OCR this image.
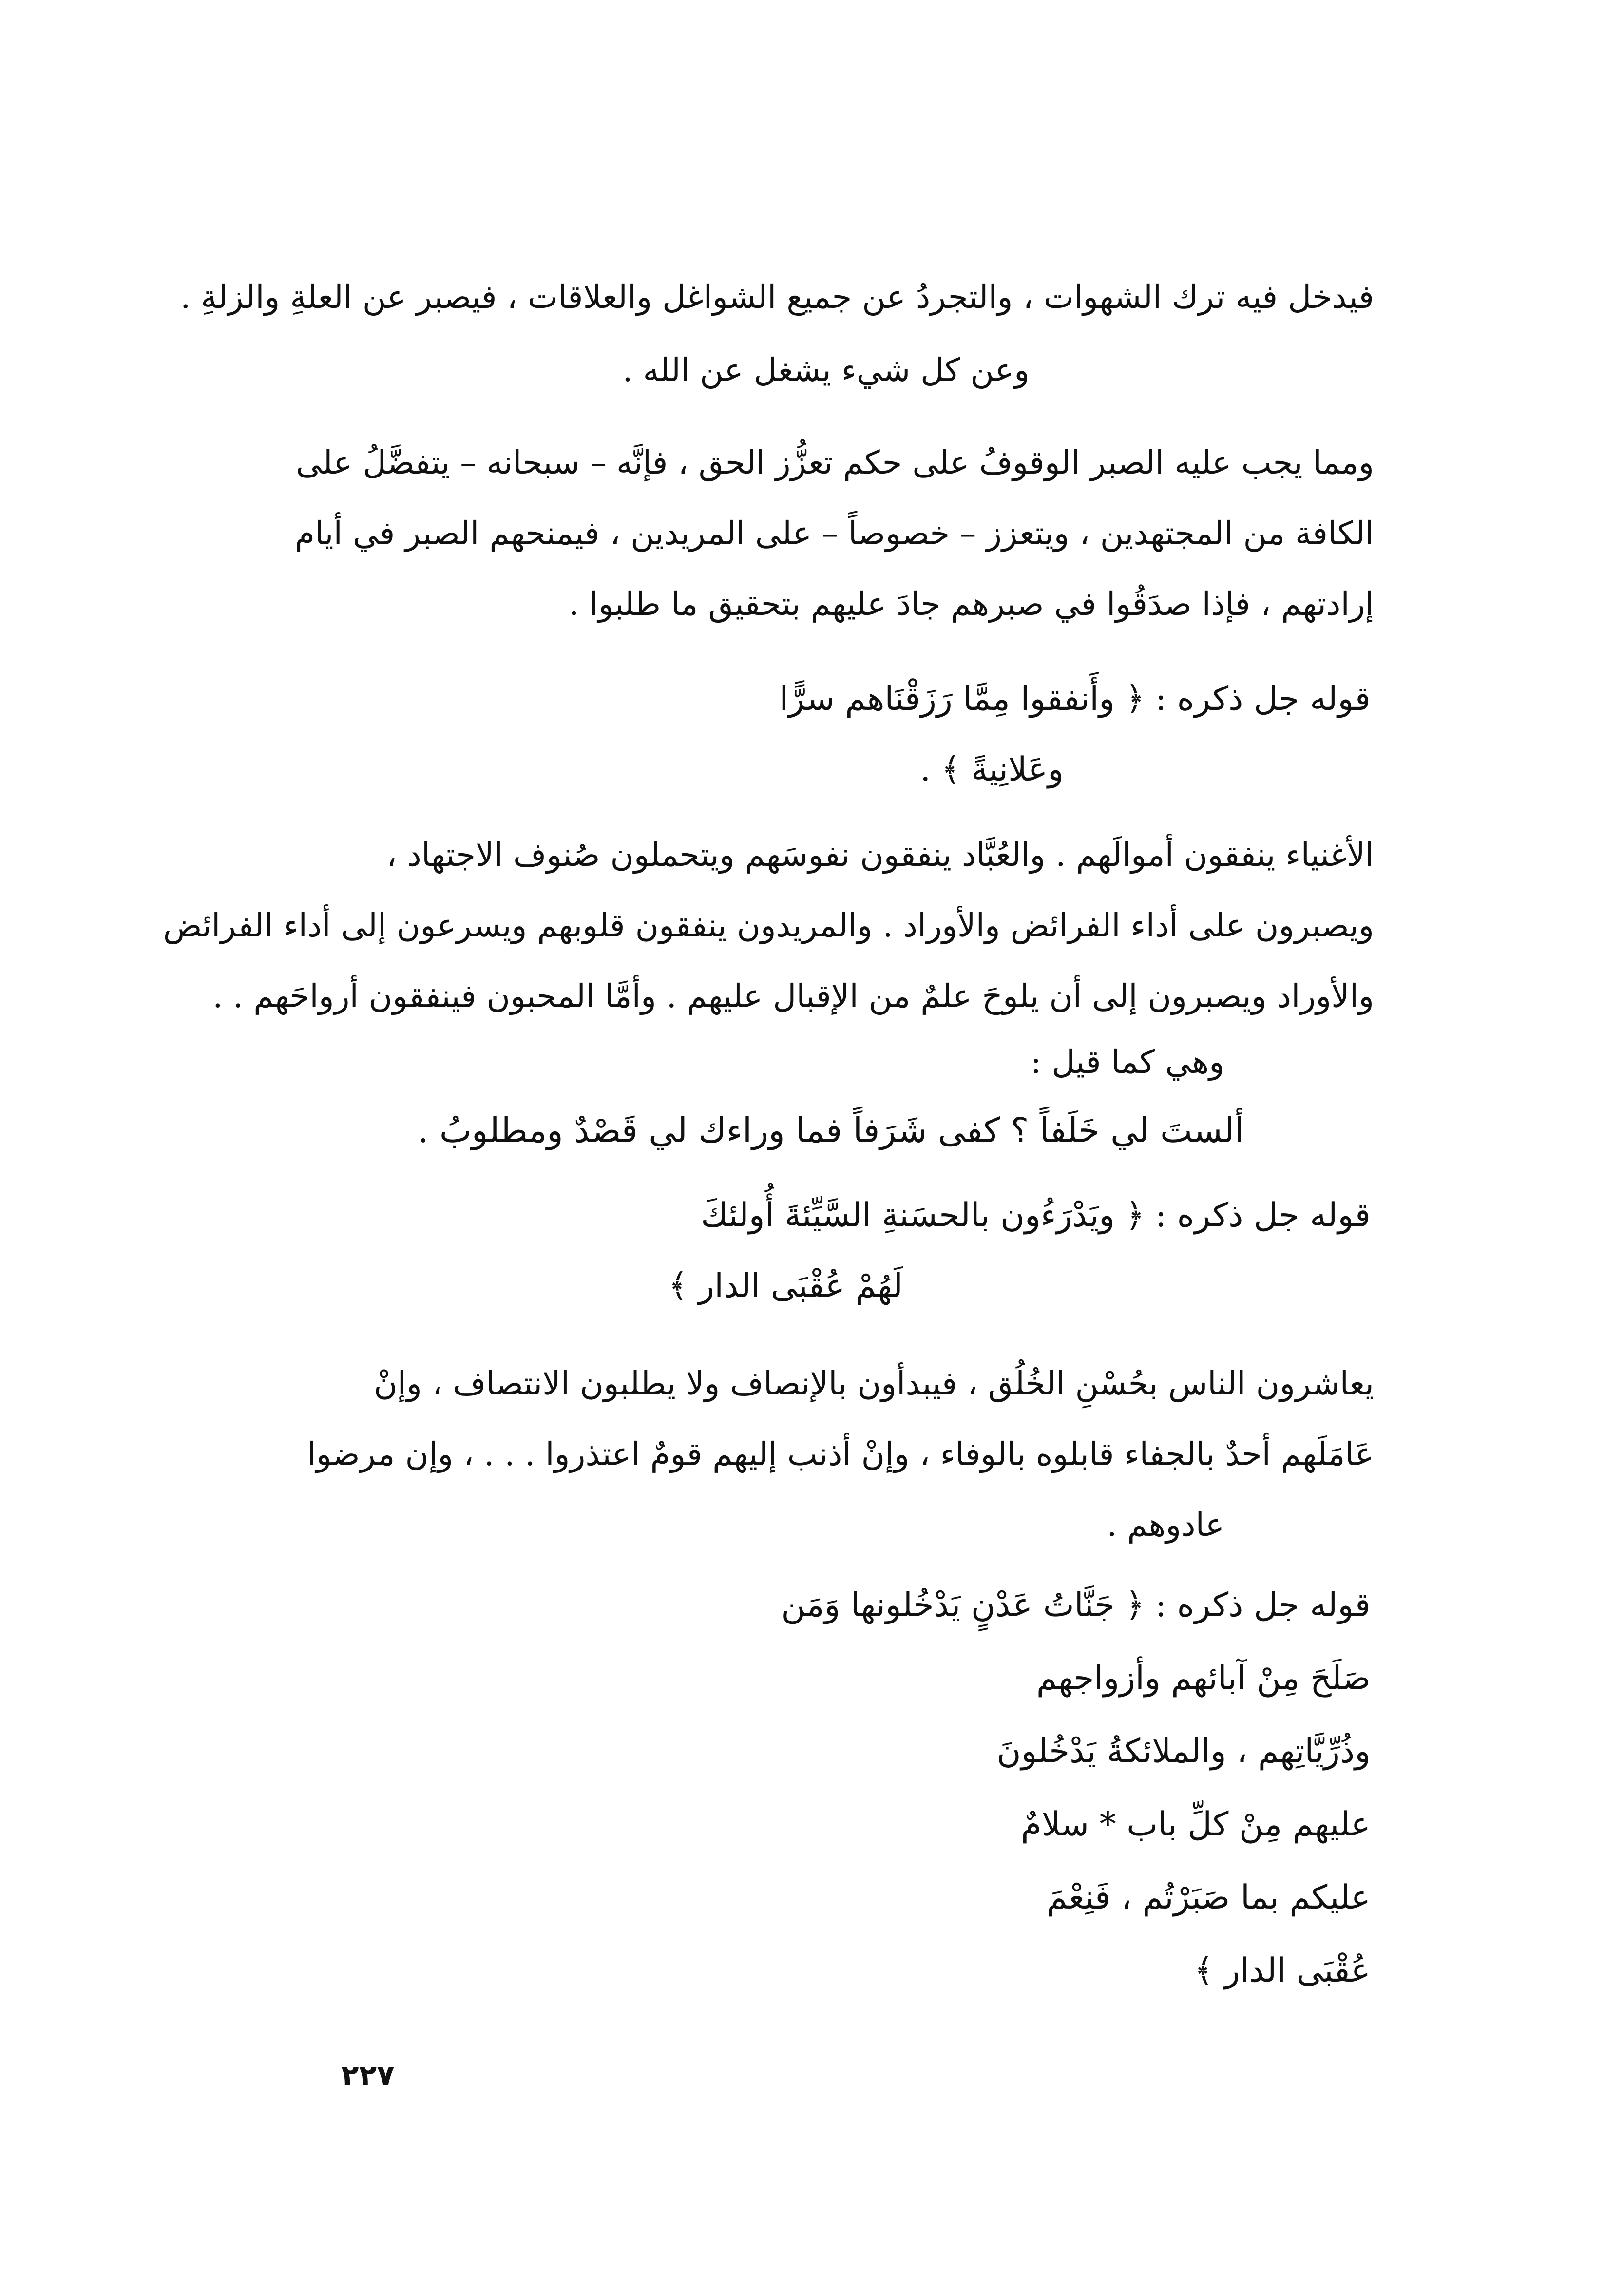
فيدخل فيه ترك الشهوات ، والتجردُ عن جميع الشواغل والعلاقات ، فيصبر عن العلةِ والزلةِ .
وعن كل شيء يشغل عن الله .
ومما يجب عليه الصبر الوقوفُ على حكم تعزُّز الحق ، فإنَّه – سبحانه – يتفضَّلُ على
الكافة من المجتهدين ، ويتعزز – خصوصاً – على المريدين ، فيمنحهم الصبر في أيام
إرادتهم ، فإذا صدَقُوا في صبرهم جادَ عليهم بتحقيق ما طلبوا .
قوله جل ذكره : ﴿ وأَنفقوا مِمَّا رَزَقْنَاهم سرًّا
وعَلانِيةً ﴾ .
الأغنياء ينفقون أموالَهم . والعُبَّاد ينفقون نفوسَهم ويتحملون صُنوف الاجتهاد ،
ويصبرون على أداء الفرائض والأوراد . والمريدون ينفقون قلوبهم ويسرعون إلى أداء الفرائض
والأوراد ويصبرون إلى أن يلوحَ علمٌ من الإقبال عليهم . وأمَّا المحبون فينفقون أرواحَهم . .
وهي كما قيل :
ألستَ لي خَلَفاً ؟ كفى شَرَفاً فما وراءك لي قَصْدٌ ومطلوبُ .
قوله جل ذكره : ﴿ ويَدْرَءُون بالحسَنةِ السَّيِّئةَ أُولئكَ
لَهُمْ عُقْبَى الدار ﴾
يعاشرون الناس بحُسْنِ الخُلُق ، فيبدأون بالإنصاف ولا يطلبون الانتصاف ، وإنْ
عَامَلَهم أحدٌ بالجفاء قابلوه بالوفاء ، وإنْ أذنب إليهم قومٌ اعتذروا . . . ، وإن مرضوا
عادوهم .
قوله جل ذكره : ﴿ جَنَّاتُ عَدْنٍ يَدْخُلونها وَمَن
صَلَحَ مِنْ آبائهم وأزواجهم
وذُرِّيَّاتِهم ، والملائكةُ يَدْخُلونَ
عليهم مِنْ كلِّ باب * سلامٌ
عليكم بما صَبَرْتُم ، فَنِعْمَ
عُقْبَى الدار ﴾
٢٢٧
